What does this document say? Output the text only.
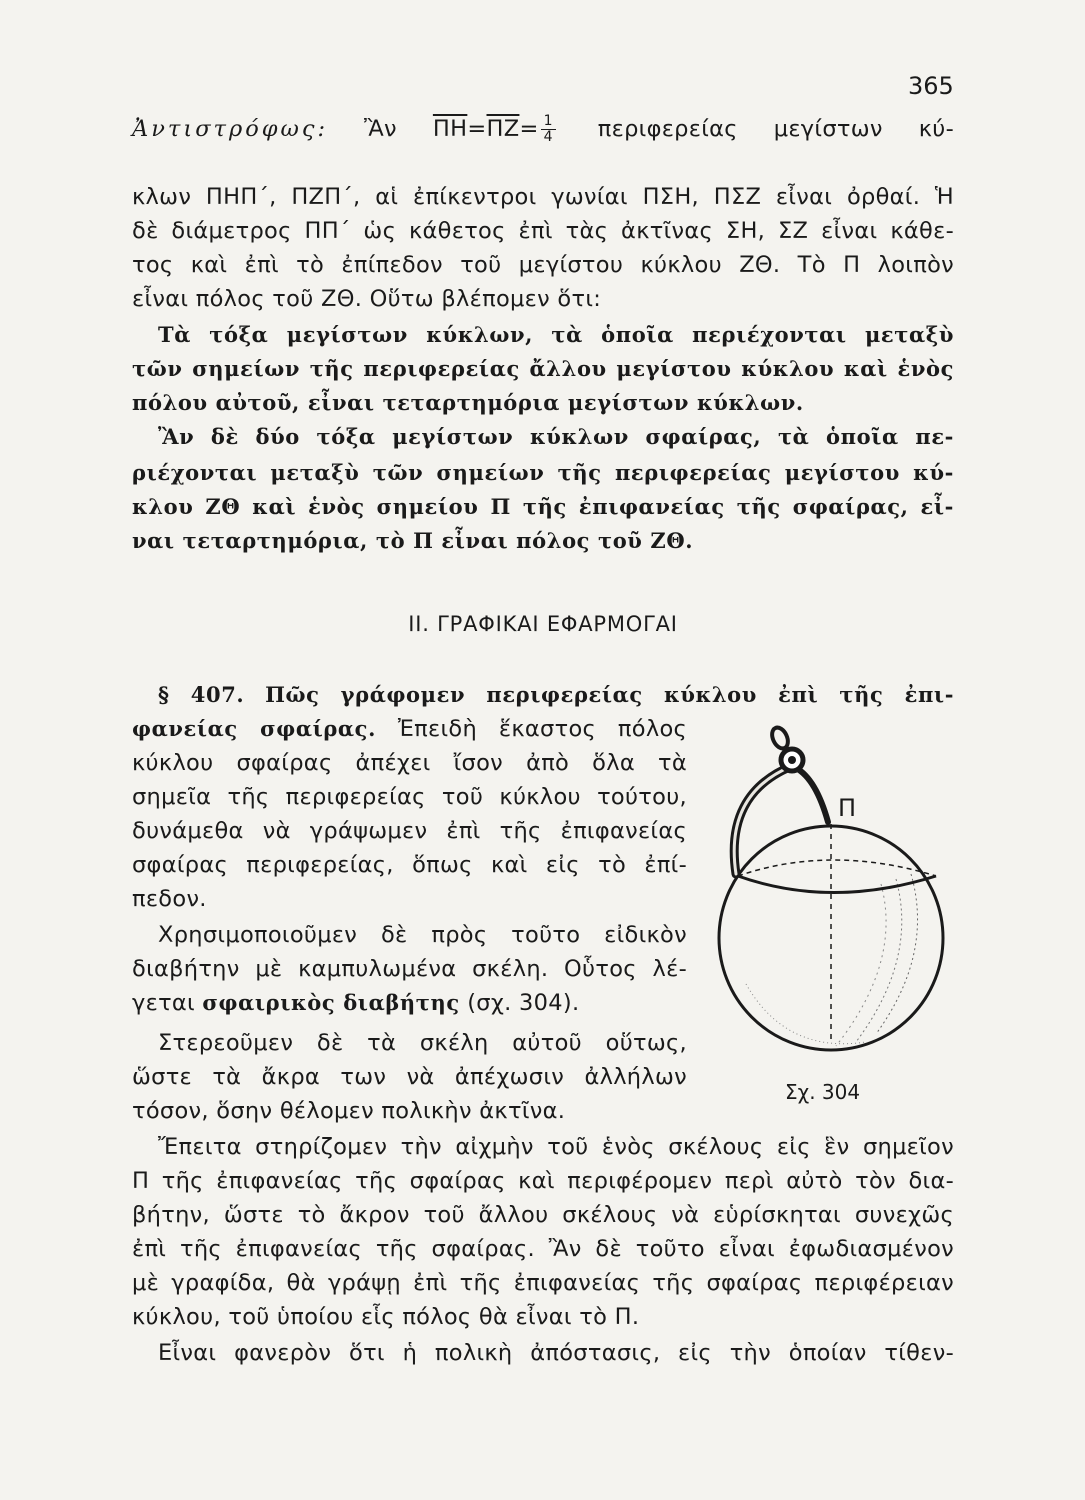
365
Ἀντιστρόφως: Ἂν $\overline{\Pi H}=\overline{\Pi Z}= \frac{1}{4}$ περιφερείας μεγίστων κύ-
κλων ΠΗΠ΄, ΠΖΠ΄, αἱ ἐπίκεντροι γωνίαι ΠΣΗ, ΠΣΖ εἶναι ὀρθαί. Ἡ
δὲ διάμετρος ΠΠ΄ ὡς κάθετος ἐπὶ τὰς ἀκτῖνας ΣΗ, ΣΖ εἶναι κάθε-
τος καὶ ἐπὶ τὸ ἐπίπεδον τοῦ μεγίστου κύκλου ΖΘ. Τὸ Π λοιπὸν
εἶναι πόλος τοῦ ΖΘ. Οὕτω βλέπομεν ὅτι:
Τὰ τόξα μεγίστων κύκλων, τὰ ὁποῖα περιέχονται μεταξὺ
τῶν σημείων τῆς περιφερείας ἄλλου μεγίστου κύκλου καὶ ἑνὸς
πόλου αὐτοῦ, εἶναι τεταρτημόρια μεγίστων κύκλων.
Ἂν δὲ δύο τόξα μεγίστων κύκλων σφαίρας, τὰ ὁποῖα πε-
ριέχονται μεταξὺ τῶν σημείων τῆς περιφερείας μεγίστου κύ-
κλου ΖΘ καὶ ἑνὸς σημείου Π τῆς ἐπιφανείας τῆς σφαίρας, εἶ-
ναι τεταρτημόρια, τὸ Π εἶναι πόλος τοῦ ΖΘ.
ΙΙ. ΓΡΑΦΙΚΑΙ ΕΦΑΡΜΟΓΑΙ
§ 407. Πῶς γράφομεν περιφερείας κύκλου ἐπὶ τῆς ἐπι-
φανείας σφαίρας. Ἐπειδὴ ἕκαστος πόλος
κύκλου σφαίρας ἀπέχει ἴσον ἀπὸ ὅλα τὰ
σημεῖα τῆς περιφερείας τοῦ κύκλου τούτου,
δυνάμεθα νὰ γράψωμεν ἐπὶ τῆς ἐπιφανείας
σφαίρας περιφερείας, ὅπως καὶ εἰς τὸ ἐπί-
πεδον.
Χρησιμοποιοῦμεν δὲ πρὸς τοῦτο εἰδικὸν
διαβήτην μὲ καμπυλωμένα σκέλη. Οὗτος λέ-
γεται σφαιρικὸς διαβήτης (σχ. 304).
Στερεοῦμεν δὲ τὰ σκέλη αὐτοῦ οὕτως,
ὥστε τὰ ἄκρα των νὰ ἀπέχωσιν ἀλλήλων
τόσον, ὅσην θέλομεν πολικὴν ἀκτῖνα.
Ἔπειτα στηρίζομεν τὴν αἰχμὴν τοῦ ἑνὸς σκέλους εἰς ἓν σημεῖον
Π τῆς ἐπιφανείας τῆς σφαίρας καὶ περιφέρομεν περὶ αὐτὸ τὸν δια-
βήτην, ὥστε τὸ ἄκρον τοῦ ἄλλου σκέλους νὰ εὑρίσκηται συνεχῶς
ἐπὶ τῆς ἐπιφανείας τῆς σφαίρας. Ἂν δὲ τοῦτο εἶναι ἐφωδιασμένον
μὲ γραφίδα, θὰ γράψῃ ἐπὶ τῆς ἐπιφανείας τῆς σφαίρας περιφέρειαν
κύκλου, τοῦ ὑποίου εἷς πόλος θὰ εἶναι τὸ Π.
Εἶναι φανερὸν ὅτι ἡ πολικὴ ἀπόστασις, εἰς τὴν ὁποίαν τίθεν-
Π
Σχ. 304
